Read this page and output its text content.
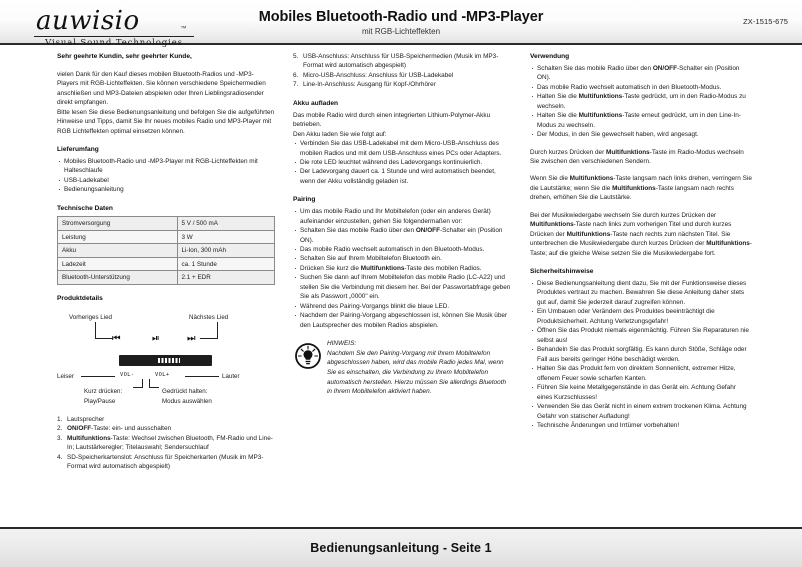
auwisio	™
Visual Sound Technologies
Mobiles Bluetooth-Radio und -MP3-Player
mit RGB-Lichteffekten
ZX-1515-675
Sehr geehrte Kundin, sehr geehrter Kunde,

vielen Dank für den Kauf dieses mobilen Bluetooth-Radios und -MP3-Players mit RGB-Lichteffekten. Sie können verschiedene Speichermedien anschließen und MP3-Dateien abspielen oder Ihren Lieblingsradiosender direkt empfangen.

Bitte lesen Sie diese Bedienungsanleitung und befolgen Sie die aufgeführten Hinweise und Tipps, damit Sie Ihr neues mobiles Radio und MP3-Player mit RGB Lichteffekten optimal einsetzen können.

Lieferumfang
· Mobiles Bluetooth-Radio und -MP3-Player mit RGB-Lichteffekten mit Halteschlaufe
· USB-Ladekabel
· Bedienungsanleitung
Technische Daten
Stromversorgung	5 V / 500 mA
Leistung	3 W
Akku	Li-Ion, 300 mAh
Ladezeit	ca. 1 Stunde
Bluetooth-Unterstützung	2.1 + EDR
Produktdetails
Vorheriges Lied	Nächstes Lied
⏮	⏯	⏭
Leiser	VOL-	VOL+	Lauter
Kurz drücken:
Play/Pause
Gedrückt halten:
Modus auswählen
Lautsprecher
ON/OFF-Taste: ein- und ausschalten
Multifunktions-Taste: Wechsel zwischen Bluetooth, FM-Radio und Line-In; Lautstärkeregler; Titelauswahl; Sendersuchlauf
SD-Speicherkartenslot: Anschluss für Speicherkarten (Musik im MP3-Format wird automatisch abgespielt)
USB-Anschluss: Anschluss für USB-Speichermedien (Musik im MP3-Format wird automatisch abgespielt)
Micro-USB-Anschluss: Anschluss für USB-Ladekabel
Line-In-Anschluss: Ausgang für Kopf-/Ohrhörer
Akku aufladen

Das mobile Radio wird durch einen integrierten Lithium-Polymer-Akku betrieben.

Den Akku laden Sie wie folgt auf:

· Verbinden Sie das USB-Ladekabel mit dem Micro-USB-Anschluss des mobilen Radios und mit dem USB-Anschluss eines PCs oder Adapters.
· Die rote LED leuchtet während des Ladevorgangs kontinuierlich.
· Der Ladevorgang dauert ca. 1 Stunde und wird automatisch beendet, wenn der Akku vollständig geladen ist.
Pairing
· Um das mobile Radio und Ihr Mobiltelefon (oder ein anderes Gerät) aufeinander einzustellen, gehen Sie folgendermaßen vor:
· Schalten Sie das mobile Radio über den ON/OFF-Schalter ein (Position ON).
· Das mobile Radio wechselt automatisch in den Bluetooth-Modus.
· Schalten Sie auf Ihrem Mobiltelefon Bluetooth ein.
· Drücken Sie kurz die Multifunktions-Taste des mobilen Radios.
· Suchen Sie dann auf Ihrem Mobiltelefon das mobile Radio (LC-A22) und stellen Sie die Verbindung mit diesem her. Bei der Passwortabfrage geben Sie als Passwort „0000" ein.
· Während des Pairing-Vorgangs blinkt die blaue LED.
· Nachdem der Pairing-Vorgang abgeschlossen ist, können Sie Musik über den Lautsprecher des mobilen Radios abspielen.
HINWEIS:
Nachdem Sie den Pairing-Vorgang mit Ihrem Mobiltelefon abgeschlossen haben, wird das mobile Radio jedes Mal, wenn Sie es einschalten, die Verbindung zu Ihrem Mobiltelefon automatisch herstellen. Hierzu müssen Sie allerdings Bluetooth in Ihrem Mobiltelefon aktiviert haben.
Verwendung
· Schalten Sie das mobile Radio über den ON/OFF-Schalter ein (Position ON).
· Das mobile Radio wechselt automatisch in den Bluetooth-Modus.
· Halten Sie die Multifunktions-Taste gedrückt, um in den Radio-Modus zu wechseln.
· Halten Sie die Multifunktions-Taste erneut gedrückt, um in den Line-In-Modus zu wechseln.
· Der Modus, in den Sie gewechselt haben, wird angesagt.

Durch kurzes Drücken der Multifunktions-Taste im Radio-Modus wechseln Sie zwischen den verschiedenen Sendern.

Wenn Sie die Multifunktions-Taste langsam nach links drehen, verringern Sie die Lautstärke; wenn Sie die Multifunktions-Taste langsam nach rechts drehen, erhöhen Sie die Lautstärke.

Bei der Musikwiedergabe wechseln Sie durch kurzes Drücken der Multifunktions-Taste nach links zum vorherigen Titel und durch kurzes Drücken der Multifunktions-Taste nach rechts zum nächsten Titel. Sie unterbrechen die Musikwiedergabe durch kurzes Drücken der Multifunktions-Taste; auf die gleiche Weise setzen Sie die Musikwiedergabe fort.

Sicherheitshinweise
· Diese Bedienungsanleitung dient dazu, Sie mit der Funktionsweise dieses Produktes vertraut zu machen. Bewahren Sie diese Anleitung daher stets gut auf, damit Sie jederzeit darauf zugreifen können.
· Ein Umbauen oder Verändern des Produktes beeinträchtigt die Produktsicherheit. Achtung Verletzungsgefahr!
· Öffnen Sie das Produkt niemals eigenmächtig. Führen Sie Reparaturen nie selbst aus!
· Behandeln Sie das Produkt sorgfältig. Es kann durch Stöße, Schläge oder Fall aus bereits geringer Höhe beschädigt werden.
· Halten Sie das Produkt fern von direktem Sonnenlicht, extremer Hitze, offenem Feuer sowie scharfen Kanten.
· Führen Sie keine Metallgegenstände in das Gerät ein. Achtung Gefahr eines Kurzschlusses!
· Verwenden Sie das Gerät nicht in einem extrem trockenen Klima. Achtung Gefahr von statischer Aufladung!
· Technische Änderungen und Irrtümer vorbehalten!
Bedienungsanleitung - Seite 1
